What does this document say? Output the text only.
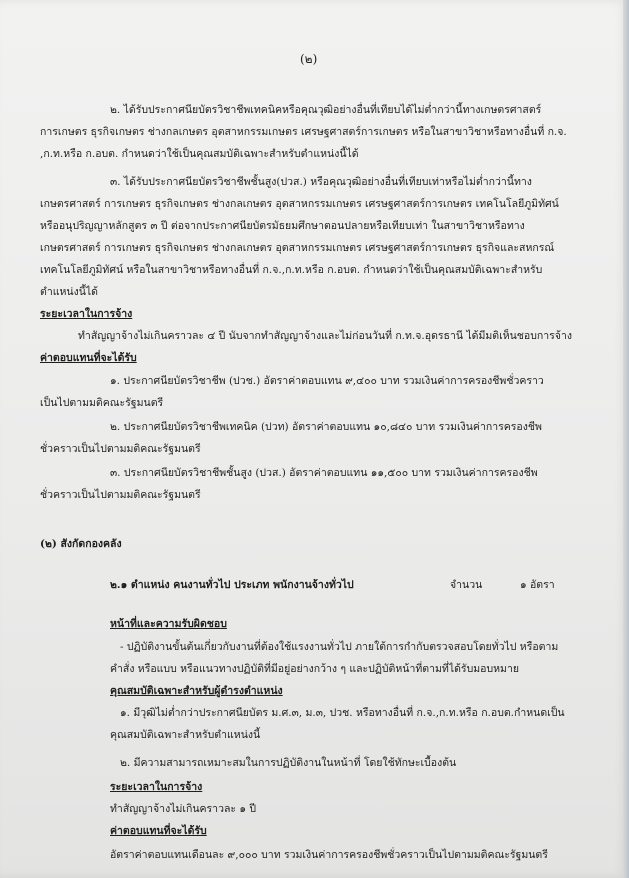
(๒)
๒. ได้รับประกาศนียบัตรวิชาชีพเทคนิคหรือคุณวุฒิอย่างอื่นที่เทียบได้ไม่ต่ำกว่านี้ทางเกษตรศาสตร์
การเกษตร ธุรกิจเกษตร ช่างกลเกษตร อุตสาหกรรมเกษตร เศรษฐศาสตร์การเกษตร หรือในสาขาวิชาหรือทางอื่นที่ ก.จ.
,ก.ท.หรือ ก.อบต. กำหนดว่าใช้เป็นคุณสมบัติเฉพาะสำหรับตำแหน่งนี้ได้
๓. ได้รับประกาศนียบัตรวิชาชีพชั้นสูง(ปวส.) หรือคุณวุฒิอย่างอื่นที่เทียบเท่าหรือไม่ต่ำกว่านี้ทาง
เกษตรศาสตร์ การเกษตร ธุรกิจเกษตร ช่างกลเกษตร อุตสาหกรรมเกษตร เศรษฐศาสตร์การเกษตร เทคโนโลยีภูมิทัศน์
หรืออนุปริญญาหลักสูตร ๓ ปี ต่อจากประกาศนียบัตรมัธยมศึกษาตอนปลายหรือเทียบเท่า ในสาขาวิชาหรือทาง
เกษตรศาสตร์ การเกษตร ธุรกิจเกษตร ช่างกลเกษตร อุตสาหกรรมเกษตร เศรษฐศาสตร์การเกษตร ธุรกิจและสหกรณ์
เทคโนโลยีภูมิทัศน์ หรือในสาขาวิชาหรือทางอื่นที่ ก.จ.,ก.ท.หรือ ก.อบต. กำหนดว่าใช้เป็นคุณสมบัติเฉพาะสำหรับ
ตำแหน่งนี้ได้
ระยะเวลาในการจ้าง
ทำสัญญาจ้างไม่เกินคราวละ ๔ ปี นับจากทำสัญญาจ้างและไม่ก่อนวันที่ ก.ท.จ.อุดรธานี ได้มีมติเห็นชอบการจ้าง
ค่าตอบแทนที่จะได้รับ
๑. ประกาศนียบัตรวิชาชีพ (ปวช.) อัตราค่าตอบแทน ๙,๔๐๐ บาท รวมเงินค่าการครองชีพชั่วคราว
เป็นไปตามมติคณะรัฐมนตรี
๒. ประกาศนียบัตรวิชาชีพเทคนิค (ปวท) อัตราค่าตอบแทน ๑๐,๘๔๐ บาท รวมเงินค่าการครองชีพ
ชั่วคราวเป็นไปตามมติคณะรัฐมนตรี
๓. ประกาศนียบัตรวิชาชีพชั้นสูง (ปวส.) อัตราค่าตอบแทน ๑๑,๕๐๐ บาท รวมเงินค่าการครองชีพ
ชั่วคราวเป็นไปตามมติคณะรัฐมนตรี
(๒) สังกัดกองคลัง
๒.๑ ตำแหน่ง คนงานทั่วไป ประเภท พนักงานจ้างทั่วไป	จำนวน	๑ อัตรา
หน้าที่และความรับผิดชอบ
- ปฏิบัติงานขั้นต้นเกี่ยวกับงานที่ต้องใช้แรงงานทั่วไป ภายใต้การกำกับตรวจสอบโดยทั่วไป หรือตาม
คำสั่ง หรือแบบ หรือแนวทางปฏิบัติที่มีอยู่อย่างกว้าง ๆ และปฏิบัติหน้าที่ตามที่ได้รับมอบหมาย
คุณสมบัติเฉพาะสำหรับผู้ดำรงตำแหน่ง
๑. มีวุฒิไม่ต่ำกว่าประกาศนียบัตร ม.ศ.๓, ม.๓, ปวช. หรือทางอื่นที่ ก.จ.,ก.ท.หรือ ก.อบต.กำหนดเป็น
คุณสมบัติเฉพาะสำหรับตำแหน่งนี้
๒. มีความสามารถเหมาะสมในการปฏิบัติงานในหน้าที่ โดยใช้ทักษะเบื้องต้น
ระยะเวลาในการจ้าง
ทำสัญญาจ้างไม่เกินคราวละ ๑ ปี
ค่าตอบแทนที่จะได้รับ
อัตราค่าตอบแทนเดือนละ ๙,๐๐๐ บาท รวมเงินค่าการครองชีพชั่วคราวเป็นไปตามมติคณะรัฐมนตรี
